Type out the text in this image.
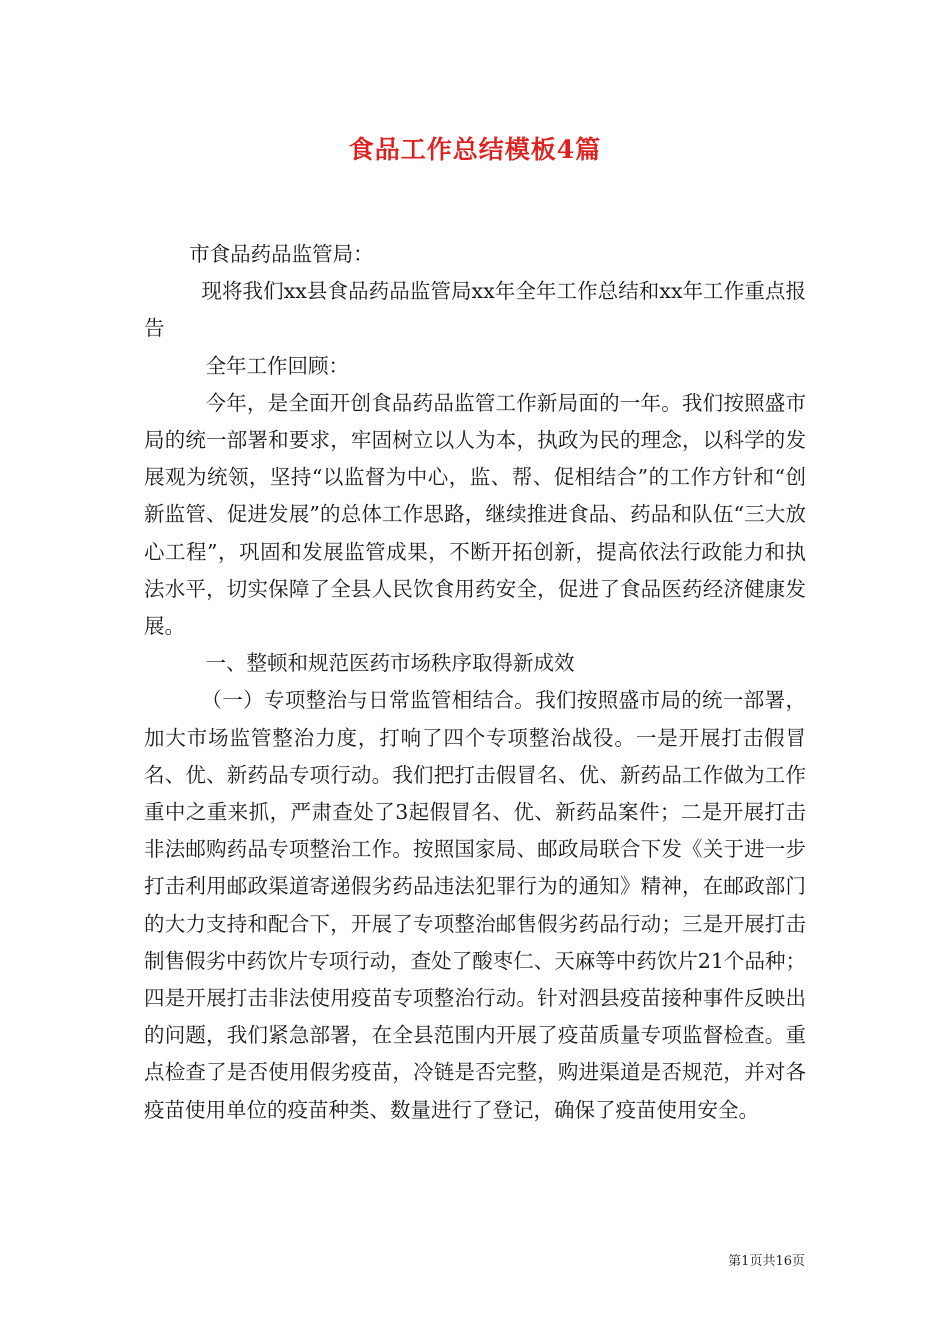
食品工作总结模板4篇

市食品药品监管局：

现将我们xx县食品药品监管局xx年全年工作总结和xx年工作重点报告

全年工作回顾：

今年，是全面开创食品药品监管工作新局面的一年。我们按照盛市局的统一部署和要求，牢固树立以人为本，执政为民的理念，以科学的发展观为统领，坚持“以监督为中心，监、帮、促相结合”的工作方针和“创新监管、促进发展”的总体工作思路，继续推进食品、药品和队伍“三大放心工程”，巩固和发展监管成果，不断开拓创新，提高依法行政能力和执法水平，切实保障了全县人民饮食用药安全，促进了食品医药经济健康发展。

一、整顿和规范医药市场秩序取得新成效

（一）专项整治与日常监管相结合。我们按照盛市局的统一部署，加大市场监管整治力度，打响了四个专项整治战役。一是开展打击假冒名、优、新药品专项行动。我们把打击假冒名、优、新药品工作做为工作重中之重来抓，严肃查处了3起假冒名、优、新药品案件；二是开展打击非法邮购药品专项整治工作。按照国家局、邮政局联合下发《关于进一步打击利用邮政渠道寄递假劣药品违法犯罪行为的通知》精神，在邮政部门的大力支持和配合下，开展了专项整治邮售假劣药品行动；三是开展打击制售假劣中药饮片专项行动，查处了酸枣仁、天麻等中药饮片21个品种；四是开展打击非法使用疫苗专项整治行动。针对泗县疫苗接种事件反映出的问题，我们紧急部署，在全县范围内开展了疫苗质量专项监督检查。重点检查了是否使用假劣疫苗，冷链是否完整，购进渠道是否规范，并对各疫苗使用单位的疫苗种类、数量进行了登记，确保了疫苗使用安全。

第1页共16页
